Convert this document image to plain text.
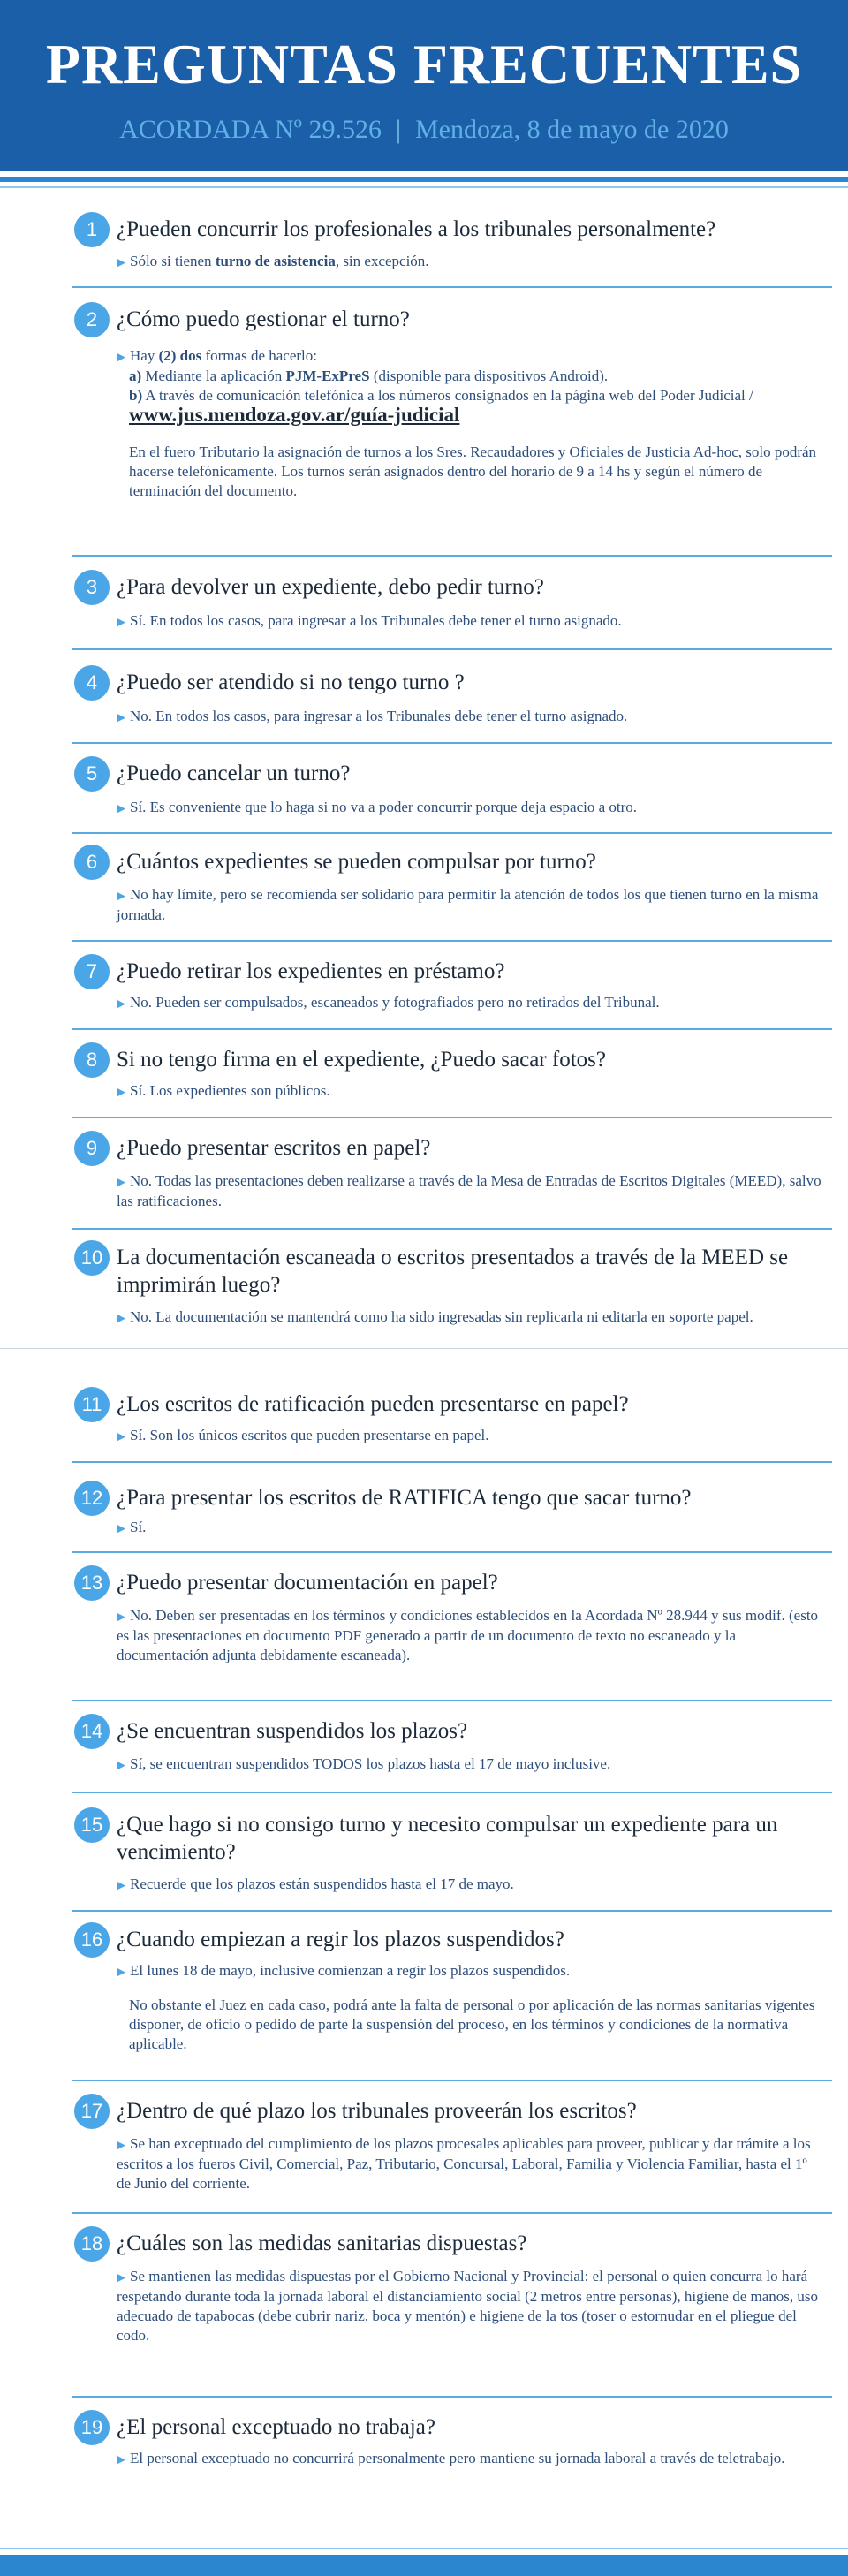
PREGUNTAS FRECUENTES
ACORDADA Nº 29.526 | Mendoza, 8 de mayo de 2020
1 ¿Pueden concurrir los profesionales a los tribunales personalmente?
▶ Sólo si tienen turno de asistencia, sin excepción.
2 ¿Cómo puedo gestionar el turno?
▶ Hay (2) dos formas de hacerlo:
a) Mediante la aplicación PJM-ExPreS (disponible para dispositivos Android).
b) A través de comunicación telefónica a los números consignados en la página web del Poder Judicial / www.jus.mendoza.gov.ar/guía-judicial
En el fuero Tributario la asignación de turnos a los Sres. Recaudadores y Oficiales de Justicia Ad-hoc, solo podrán hacerse telefónicamente. Los turnos serán asignados dentro del horario de 9 a 14 hs y según el número de terminación del documento.
3 ¿Para devolver un expediente, debo pedir turno?
▶ Sí. En todos los casos, para ingresar a los Tribunales debe tener el turno asignado.
4 ¿Puedo ser atendido si no tengo turno ?
▶ No. En todos los casos, para ingresar a los Tribunales debe tener el turno asignado.
5 ¿Puedo cancelar un turno?
▶ Sí. Es conveniente que lo haga si no va a poder concurrir porque deja espacio a otro.
6 ¿Cuántos expedientes se pueden compulsar por turno?
▶ No hay límite, pero se recomienda ser solidario para permitir la atención de todos los que tienen turno en la misma jornada.
7 ¿Puedo retirar los expedientes en préstamo?
▶ No. Pueden ser compulsados, escaneados y fotografiados pero no retirados del Tribunal.
8 Si no tengo firma en el expediente, ¿Puedo sacar fotos?
▶ Sí. Los expedientes son públicos.
9 ¿Puedo presentar escritos en papel?
▶ No. Todas las presentaciones deben realizarse a través de la Mesa de Entradas de Escritos Digitales (MEED), salvo las ratificaciones.
10 La documentación escaneada o escritos presentados a través de la MEED se imprimirán luego?
▶ No. La documentación se mantendrá como ha sido ingresadas sin replicarla ni editarla en soporte papel.
11 ¿Los escritos de ratificación pueden presentarse en papel?
▶ Sí. Son los únicos escritos que pueden presentarse en papel.
12 ¿Para presentar los escritos de RATIFICA tengo que sacar turno?
▶ Sí.
13 ¿Puedo presentar documentación en papel?
▶ No. Deben ser presentadas en los términos y condiciones establecidos en la Acordada Nº 28.944 y sus modif. (esto es las presentaciones en documento PDF generado a partir de un documento de texto no escaneado y la documentación adjunta debidamente escaneada).
14 ¿Se encuentran suspendidos los plazos?
▶ Sí, se encuentran suspendidos TODOS los plazos hasta el 17 de mayo inclusive.
15 ¿Que hago si no consigo turno y necesito compulsar un expediente para un vencimiento?
▶ Recuerde que los plazos están suspendidos hasta el 17 de mayo.
16 ¿Cuando empiezan a regir los plazos suspendidos?

▶ El lunes 18 de mayo, inclusive comienzan a regir los plazos suspendidos.

No obstante el Juez en cada caso, podrá ante la falta de personal o por aplicación de las normas sanitarias vigentes disponer, de oficio o pedido de parte la suspensión del proceso, en los términos y condiciones de la normativa aplicable.

17 ¿Dentro de qué plazo los tribunales proveerán los escritos?
▶ Se han exceptuado del cumplimiento de los plazos procesales aplicables para proveer, publicar y dar trámite a los escritos a los fueros Civil, Comercial, Paz, Tributario, Concursal, Laboral, Familia y Violencia Familiar, hasta el 1º de Junio del corriente.
18 ¿Cuáles son las medidas sanitarias dispuestas?
▶ Se mantienen las medidas dispuestas por el Gobierno Nacional y Provincial: el personal o quien concurra lo hará respetando durante toda la jornada laboral el distanciamiento social (2 metros entre personas), higiene de manos, uso adecuado de tapabocas (debe cubrir nariz, boca y mentón) e higiene de la tos (toser o estornudar en el pliegue del codo.
19 ¿El personal exceptuado no trabaja?
▶ El personal exceptuado no concurrirá personalmente pero mantiene su jornada laboral a través de teletrabajo.
